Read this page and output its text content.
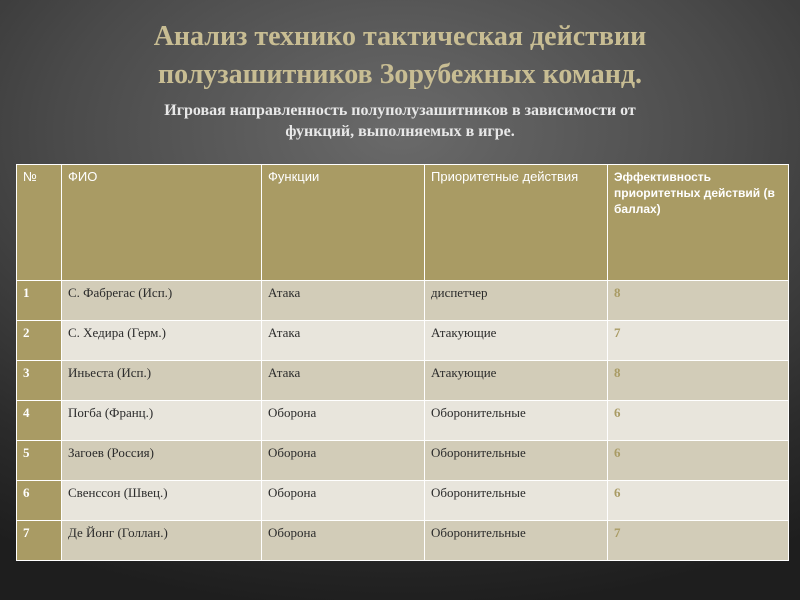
Анализ технико тактическая действии
полузашитников Зорубежных команд.
Игровая направленность полуполузашитников в зависимости от
функций, выполняемых в игре.
№	ФИО	Функции	Приоритетные действия	Эффективность приоритетных действий (в баллах)
1	С. Фабрегас (Исп.)	Атака	диспетчер	8
2	С. Хедира (Герм.)	Атака	Атакующие	7
3	Иньеста (Исп.)	Атака	Атакующие	8
4	Погба (Франц.)	Оборона	Оборонительные	6
5	Загоев (Россия)	Оборона	Оборонительные	6
6	Свенссон (Швец.)	Оборона	Оборонительные	6
7	Де Йонг (Голлан.)	Оборона	Оборонительные	7
